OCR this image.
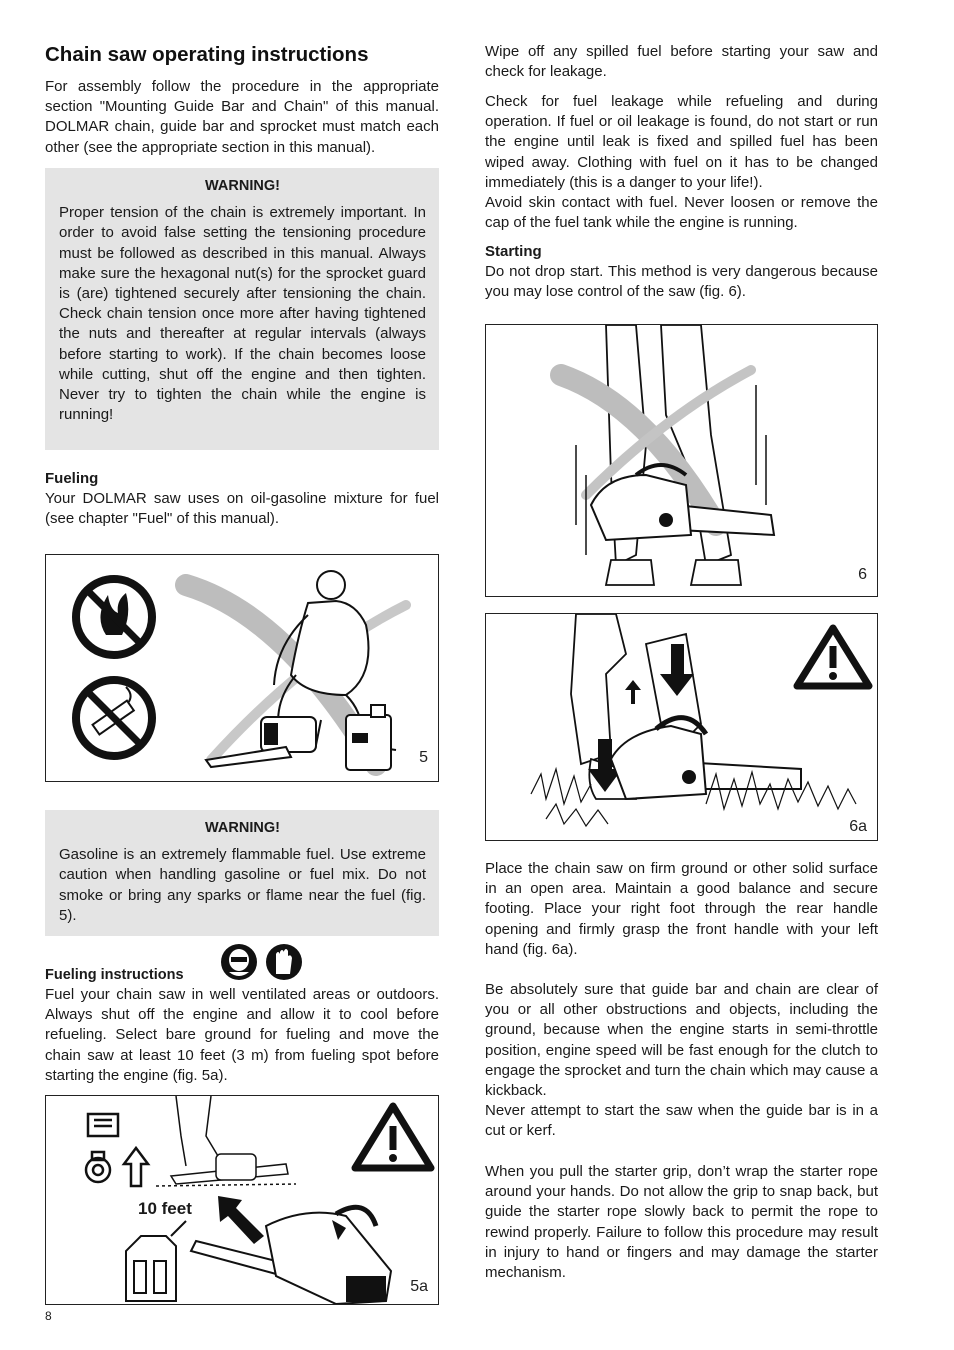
Chain saw operating instructions

For assembly follow the procedure in the appropriate section "Mounting Guide Bar and Chain" of this manual. DOLMAR chain, guide bar and sprocket must match each other (see the appropriate section in this manual).

WARNING!

Proper tension of the chain is extremely important. In order to avoid false setting the tensioning procedure must be followed as described in this manual. Always make sure the hexagonal nut(s) for the sprocket guard is (are) tightened securely after tensioning the chain. Check chain tension once more after having tightened the nuts and thereafter at regular intervals (always before starting to work). If the chain becomes loose while cutting, shut off the engine and then tighten. Never try to tighten the chain while the engine is running!

Fueling

Your DOLMAR saw uses on oil-gasoline mixture for fuel (see chapter "Fuel" of this manual).

5
WARNING!

Gasoline is an extremely flammable fuel. Use extreme caution when handling gasoline or fuel mix. Do not smoke or bring any sparks or flame near the fuel (fig. 5).

Fueling instructions

Fuel your chain saw in well ventilated areas or outdoors. Always shut off the engine and allow it to cool before refueling. Select bare ground for fueling and move the chain saw at least 10 feet (3 m) from fueling spot before starting the engine (fig. 5a).

10 feet
5a

Wipe off any spilled fuel before starting your saw and check for leakage.

Check for fuel leakage while refueling and during operation. If fuel or oil leakage is found, do not start or run the engine until leak is fixed and spilled fuel has been wiped away. Clothing with fuel on it has to be changed immediately (this is a danger to your life!).

Avoid skin contact with fuel. Never loosen or remove the cap of the fuel tank while the engine is running.

Starting

Do not drop start. This method is very dangerous because you may lose control of the saw (fig. 6).

6
6a

Place the chain saw on firm ground or other solid surface in an open area. Maintain a good balance and secure footing. Place your right foot through the rear handle opening and firmly grasp the front handle with your left hand (fig. 6a).

Be absolutely sure that guide bar and chain are clear of you or all other obstructions and objects, including the ground, because when the engine starts in semi-throttle position, engine speed will be fast enough for the clutch to engage the sprocket and turn the chain which may cause a kickback.

Never attempt to start the saw when the guide bar is in a cut or kerf.

When you pull the starter grip, don’t wrap the starter rope around your hands. Do not allow the grip to snap back, but guide the starter rope slowly back to permit the rope to rewind properly. Failure to follow this procedure may result in injury to hand or fingers and may damage the starter mechanism.

8
